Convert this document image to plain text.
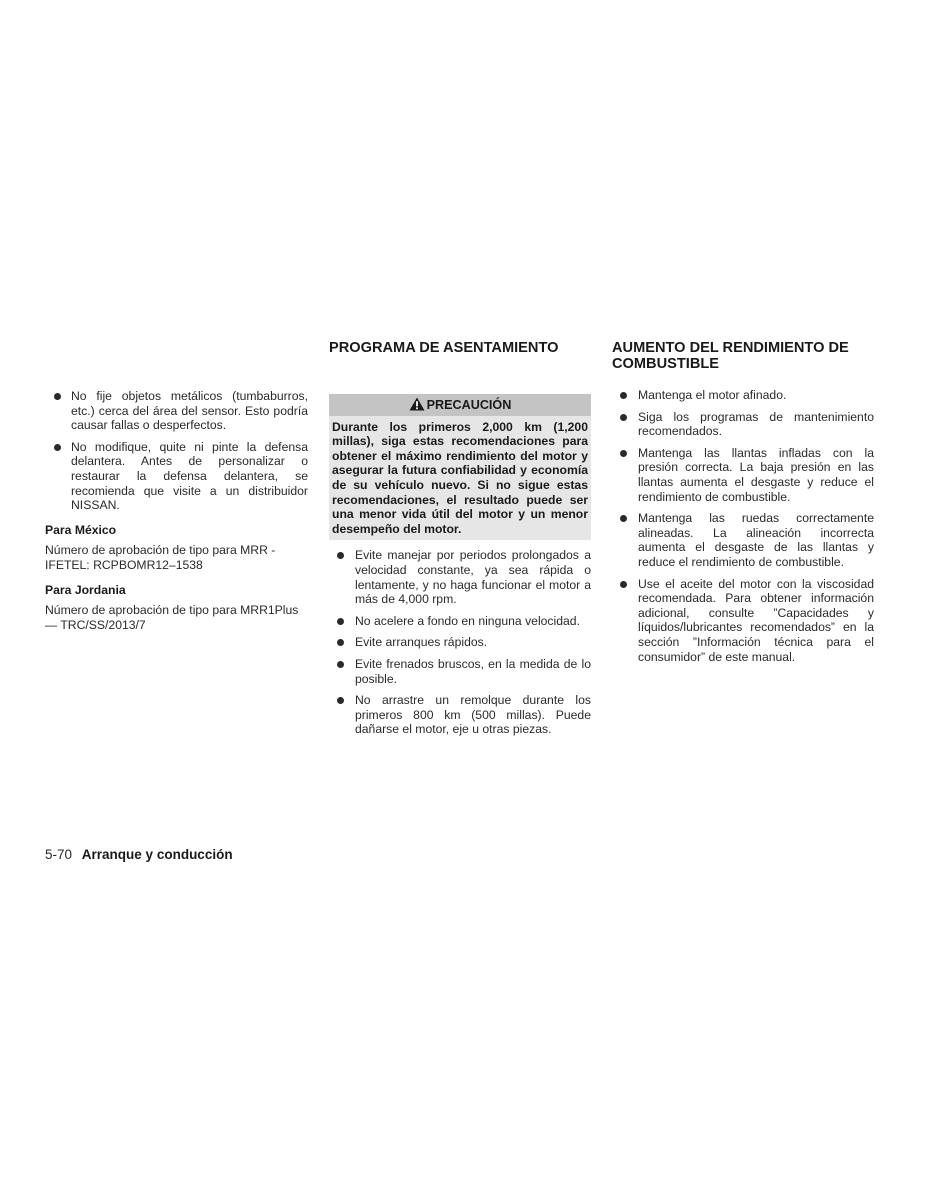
No fije objetos metálicos (tumbaburros, etc.) cerca del área del sensor. Esto podría causar fallas o desperfectos.
No modifique, quite ni pinte la defensa delantera. Antes de personalizar o restaurar la defensa delantera, se recomienda que visite a un distribuidor NISSAN.
Para México
Número de aprobación de tipo para MRR - IFETEL: RCPBOMR12–1538
Para Jordania
Número de aprobación de tipo para MRR1Plus — TRC/SS/2013/7
PROGRAMA DE ASENTAMIENTO
PRECAUCIÓN
Durante los primeros 2,000 km (1,200 millas), siga estas recomendaciones para obtener el máximo rendimiento del motor y asegurar la futura confiabilidad y economía de su vehículo nuevo. Si no sigue estas recomendaciones, el resultado puede ser una menor vida útil del motor y un menor desempeño del motor.
Evite manejar por periodos prolongados a velocidad constante, ya sea rápida o lentamente, y no haga funcionar el motor a más de 4,000 rpm.
No acelere a fondo en ninguna velocidad.
Evite arranques rápidos.
Evite frenados bruscos, en la medida de lo posible.
No arrastre un remolque durante los primeros 800 km (500 millas). Puede dañarse el motor, eje u otras piezas.
AUMENTO DEL RENDIMIENTO DE COMBUSTIBLE
Mantenga el motor afinado.
Siga los programas de mantenimiento recomendados.
Mantenga las llantas infladas con la presión correcta. La baja presión en las llantas aumenta el desgaste y reduce el rendimiento de combustible.
Mantenga las ruedas correctamente alineadas. La alineación incorrecta aumenta el desgaste de las llantas y reduce el rendimiento de combustible.
Use el aceite del motor con la viscosidad recomendada. Para obtener información adicional, consulte ”Capacidades y líquidos/lubricantes recomendados” en la sección ”Información técnica para el consumidor” de este manual.
5-70 Arranque y conducción
